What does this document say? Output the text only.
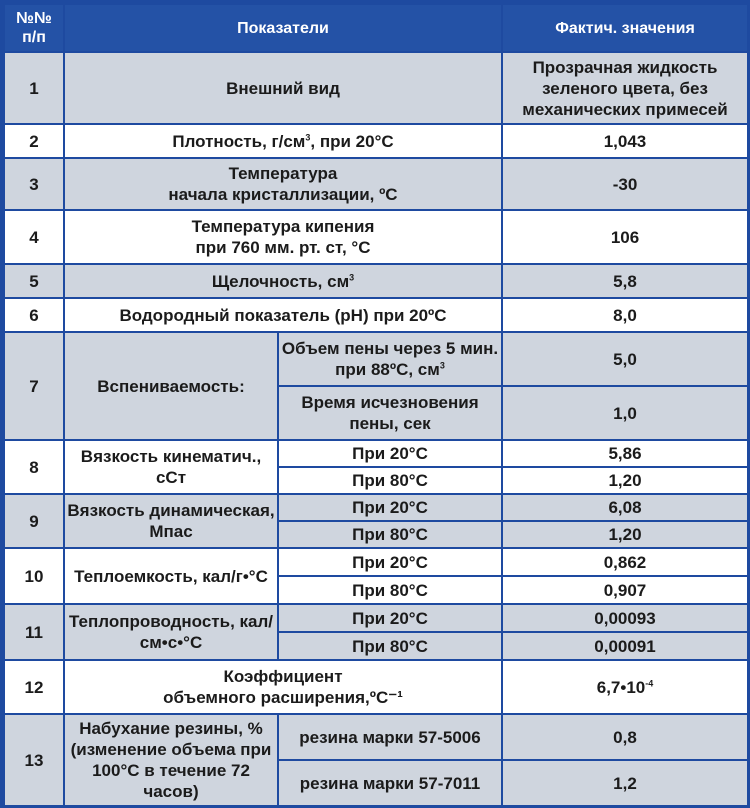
№№ п/п	Показатели		Фактич. значения
1	Внешний вид		Прозрачная жидкость зеленого цвета, без механических примесей
2	Плотность, $г/см^3$, при 20°С		1,043
3	Температура
начала кристаллизации, ºС		-30
4	Температура кипения
при 760 мм. рт. ст, °С		106
5	Щелочность, $см^3$		5,8
6	Водородный показатель (рН) при 20ºС		8,0
7	Вспениваемость:	Объем пены через 5 мин. при 88ºС, $см^3$	5,0
		Время исчезновения пены, сек	1,0
8	Вязкость кинематич., сСт	При 20°С	5,86
		При 80°С	1,20
9	Вязкость динамическая, Мпас	При 20°С	6,08
		При 80°С	1,20
10	Теплоемкость, кал/г•°С	При 20°С	0,862
		При 80°С	0,907
11	Теплопроводность, кал/см•с•°С	При 20°С	0,00093
		При 80°С	0,00091
12	Коэффициент
объемного расширения,ºС⁻¹		$6,7•10^{-4}$
13	Набухание резины, % (изменение объема при 100°С в течение 72 часов)	резина марки 57-5006	0,8
		резина марки 57-7011	1,2
